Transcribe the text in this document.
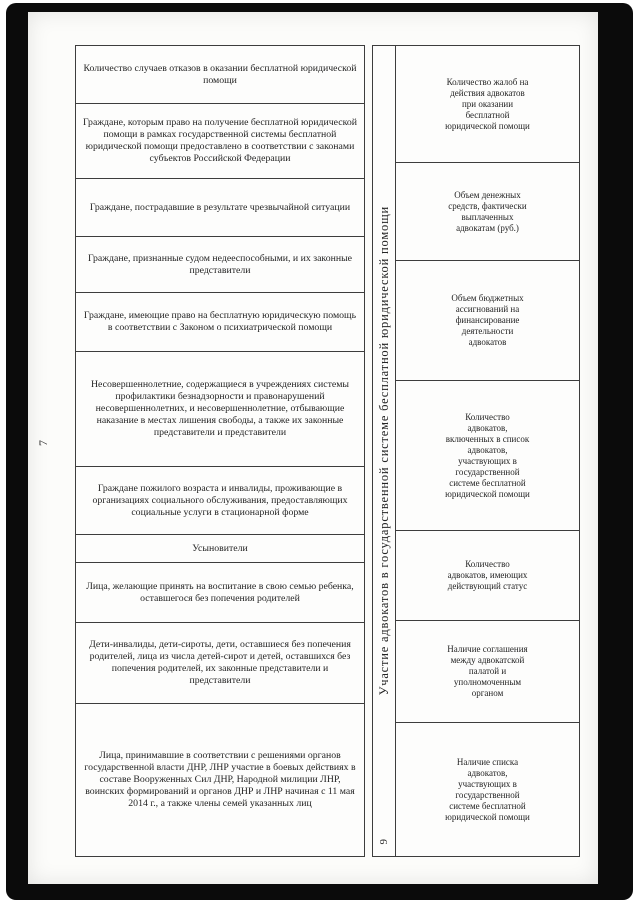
7
Количество случаев отказов в оказании бесплатной юридической помощи
Граждане, которым право на получение бесплатной юридической помощи в рамках государственной системы бесплатной юридической помощи предоставлено в соответствии с законами субъектов Российской Федерации
Граждане, пострадавшие в результате чрезвычайной ситуации
Граждане, признанные судом недееспособными, и их законные представители
Граждане, имеющие право на бесплатную юридическую помощь в соответствии с Законом о психиатрической помощи
Несовершеннолетние, содержащиеся в учреждениях системы профилактики безнадзорности и правонарушений несовершеннолетних, и несовершеннолетние, отбывающие наказание в местах лишения свободы, а также их законные представители и представители
Граждане пожилого возраста и инвалиды, проживающие в организациях социального обслуживания, предоставляющих социальные услуги в стационарной форме
Усыновители
Лица, желающие принять на воспитание в свою семью ребенка, оставшегося без попечения родителей
Дети-инвалиды, дети-сироты, дети, оставшиеся без попечения родителей, лица из числа детей-сирот и детей, оставшихся без попечения родителей, их законные представители и представители
Лица, принимавшие в соответствии с решениями органов государственной власти ДНР, ЛНР участие в боевых действиях в составе Вооруженных Сил ДНР, Народной милиции ЛНР, воинских формирований и органов ДНР и ЛНР начиная с 11 мая 2014 г., а также члены семей указанных лиц
Участие адвокатов в государственной системе бесплатной юридической помощи
9
Количество жалоб на действия адвокатов при оказании бесплатной юридической помощи
Объем денежных средств, фактически выплаченных адвокатам (руб.)
Объем бюджетных ассигнований на финансирование деятельности адвокатов
Количество адвокатов, включенных в список адвокатов, участвующих в государственной системе бесплатной юридической помощи
Количество адвокатов, имеющих действующий статус
Наличие соглашения между адвокатской палатой и уполномоченным органом
Наличие списка адвокатов, участвующих в государственной системе бесплатной юридической помощи
